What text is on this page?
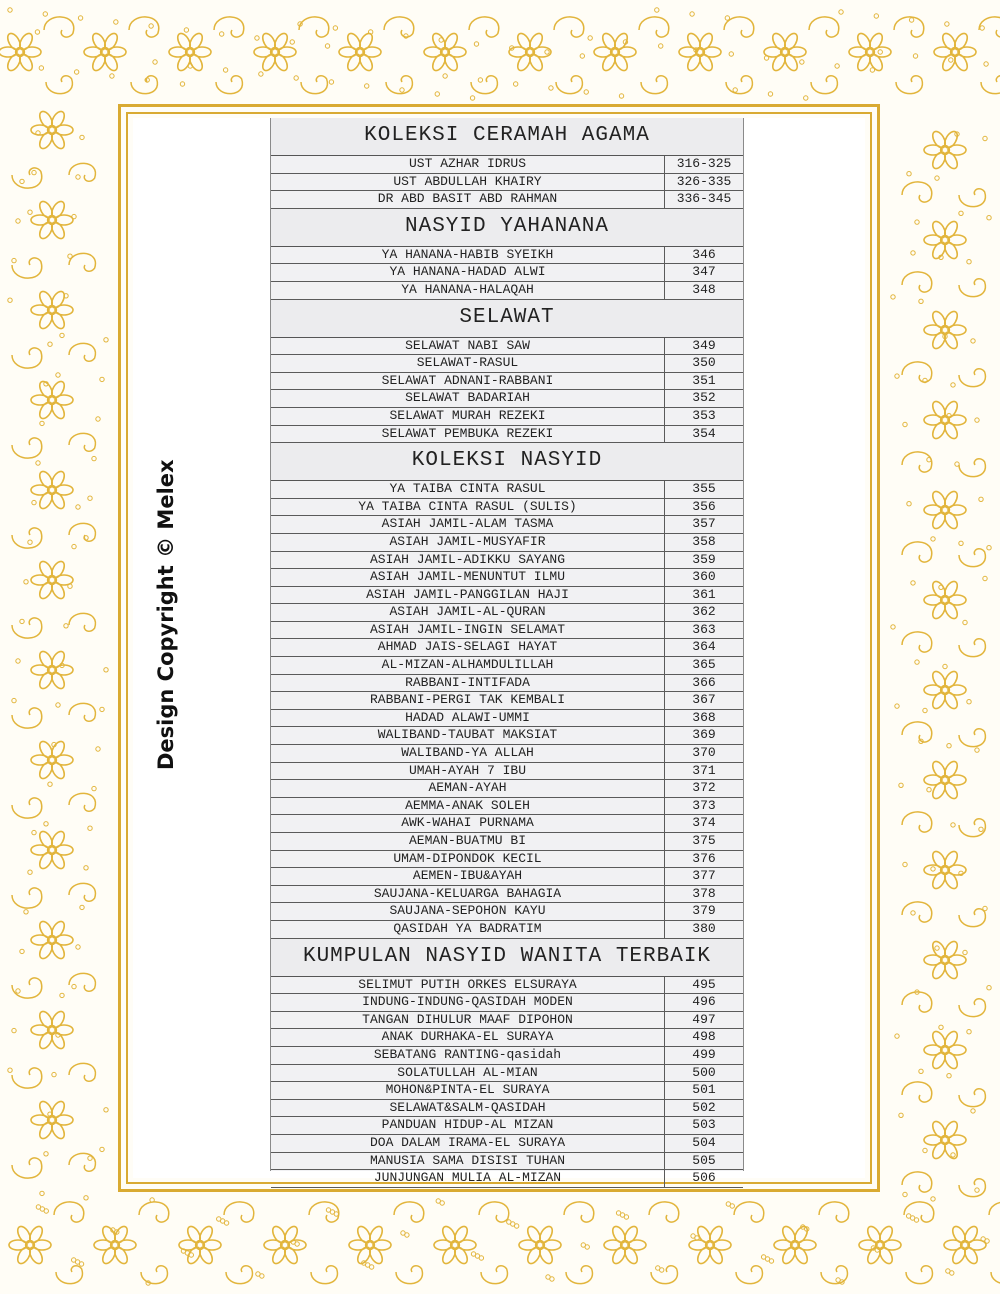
Design Copyright © Melex
KOLEKSI CERAMAH AGAMA
UST AZHAR IDRUS	316-325
UST ABDULLAH KHAIRY	326-335
DR ABD BASIT ABD RAHMAN	336-345
NASYID YAHANANA
YA HANANA-HABIB SYEIKH	346
YA HANANA-HADAD ALWI	347
YA HANANA-HALAQAH	348
SELAWAT
SELAWAT NABI SAW	349
SELAWAT-RASUL	350
SELAWAT ADNANI-RABBANI	351
SELAWAT BADARIAH	352
SELAWAT MURAH REZEKI	353
SELAWAT PEMBUKA REZEKI	354
KOLEKSI NASYID
YA TAIBA CINTA RASUL	355
YA TAIBA CINTA RASUL (SULIS)	356
ASIAH JAMIL-ALAM TASMA	357
ASIAH JAMIL-MUSYAFIR	358
ASIAH JAMIL-ADIKKU SAYANG	359
ASIAH JAMIL-MENUNTUT ILMU	360
ASIAH JAMIL-PANGGILAN HAJI	361
ASIAH JAMIL-AL-QURAN	362
ASIAH JAMIL-INGIN SELAMAT	363
AHMAD JAIS-SELAGI HAYAT	364
AL-MIZAN-ALHAMDULILLAH	365
RABBANI-INTIFADA	366
RABBANI-PERGI TAK KEMBALI	367
HADAD ALAWI-UMMI	368
WALIBAND-TAUBAT MAKSIAT	369
WALIBAND-YA ALLAH	370
UMAH-AYAH 7 IBU	371
AEMAN-AYAH	372
AEMMA-ANAK SOLEH	373
AWK-WAHAI PURNAMA	374
AEMAN-BUATMU BI	375
UMAM-DIPONDOK KECIL	376
AEMEN-IBU&AYAH	377
SAUJANA-KELUARGA BAHAGIA	378
SAUJANA-SEPOHON KAYU	379
QASIDAH YA BADRATIM	380
KUMPULAN NASYID WANITA TERBAIK
SELIMUT PUTIH ORKES ELSURAYA	495
INDUNG-INDUNG-QASIDAH MODEN	496
TANGAN DIHULUR MAAF DIPOHON	497
ANAK DURHAKA-EL SURAYA	498
SEBATANG RANTING-qasidah	499
SOLATULLAH AL-MIAN	500
MOHON&PINTA-EL SURAYA	501
SELAWAT&SALM-QASIDAH	502
PANDUAN HIDUP-AL MIZAN	503
DOA DALAM IRAMA-EL SURAYA	504
MANUSIA SAMA DISISI TUHAN	505
JUNJUNGAN MULIA AL-MIZAN	506
